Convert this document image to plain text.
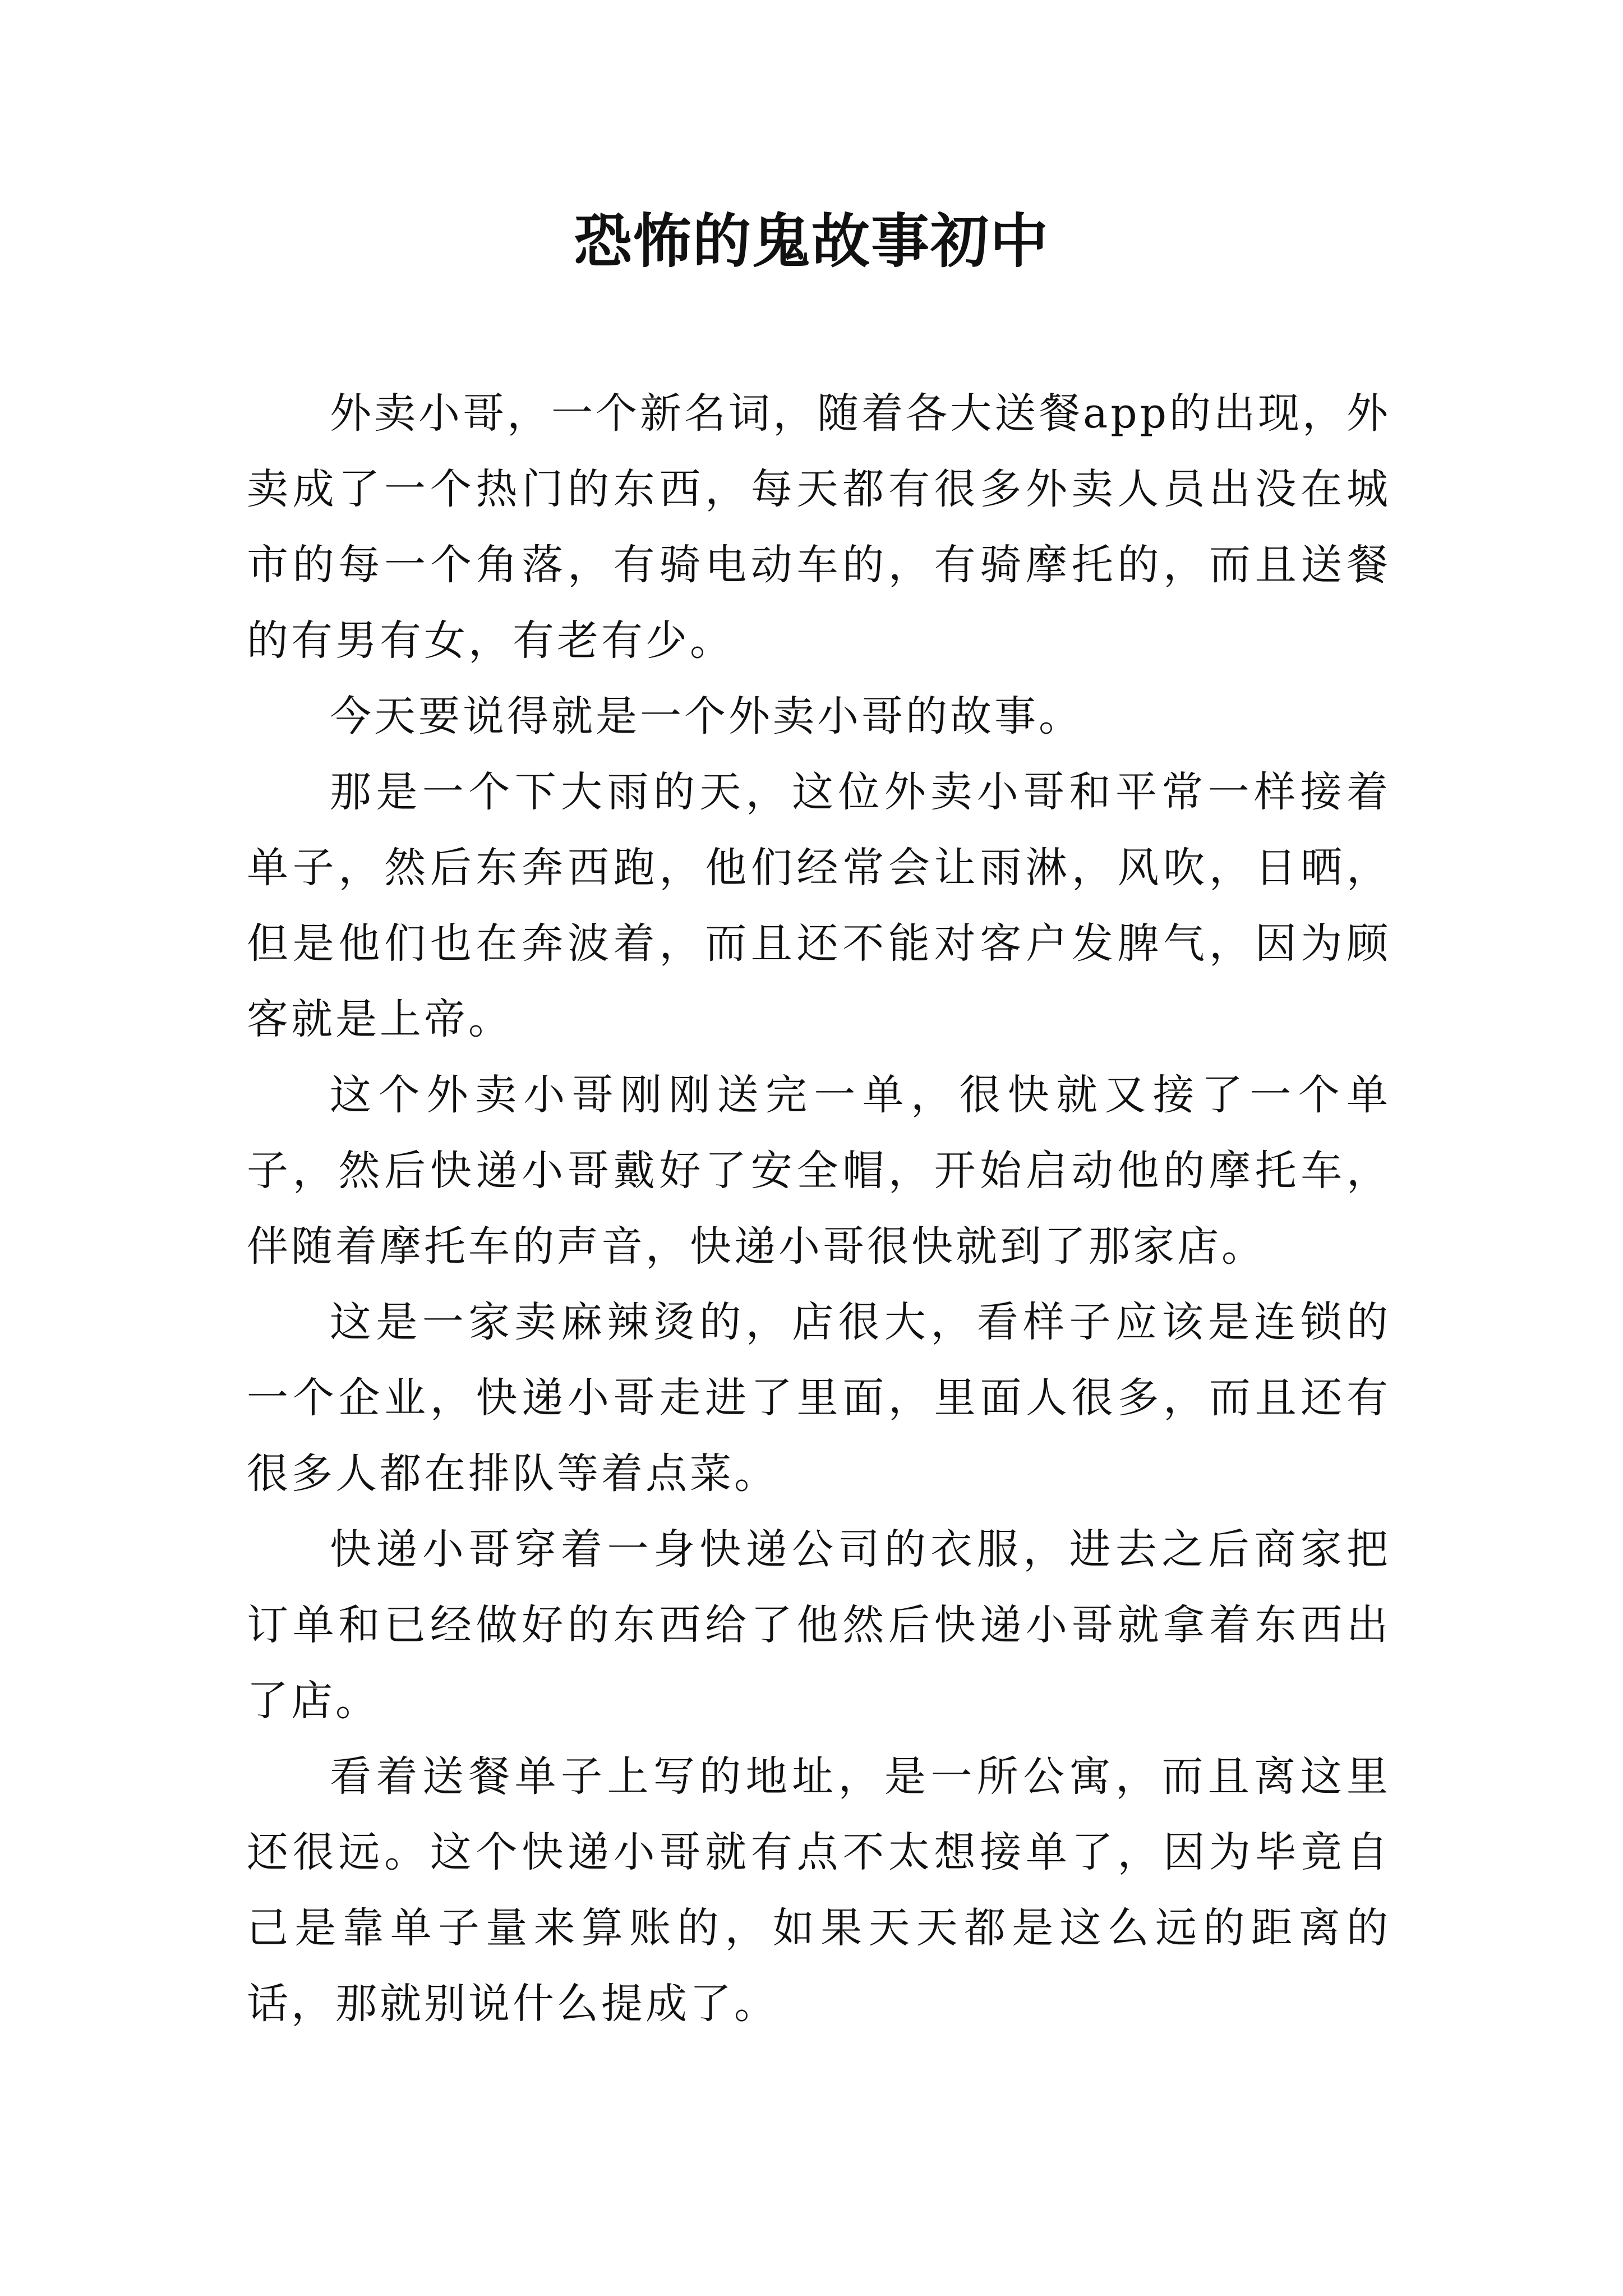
恐怖的鬼故事初中

外卖小哥，一个新名词，随着各大送餐app的出现，外卖成了一个热门的东西，每天都有很多外卖人员出没在城市的每一个角落，有骑电动车的，有骑摩托的，而且送餐的有男有女，有老有少。

今天要说得就是一个外卖小哥的故事。

那是一个下大雨的天，这位外卖小哥和平常一样接着单子，然后东奔西跑，他们经常会让雨淋，风吹，日晒，但是他们也在奔波着，而且还不能对客户发脾气，因为顾客就是上帝。

这个外卖小哥刚刚送完一单，很快就又接了一个单子，然后快递小哥戴好了安全帽，开始启动他的摩托车，伴随着摩托车的声音，快递小哥很快就到了那家店。

这是一家卖麻辣烫的，店很大，看样子应该是连锁的一个企业，快递小哥走进了里面，里面人很多，而且还有很多人都在排队等着点菜。

快递小哥穿着一身快递公司的衣服，进去之后商家把订单和已经做好的东西给了他然后快递小哥就拿着东西出了店。

看着送餐单子上写的地址，是一所公寓，而且离这里还很远。这个快递小哥就有点不太想接单了，因为毕竟自己是靠单子量来算账的，如果天天都是这么远的距离的话，那就别说什么提成了。
